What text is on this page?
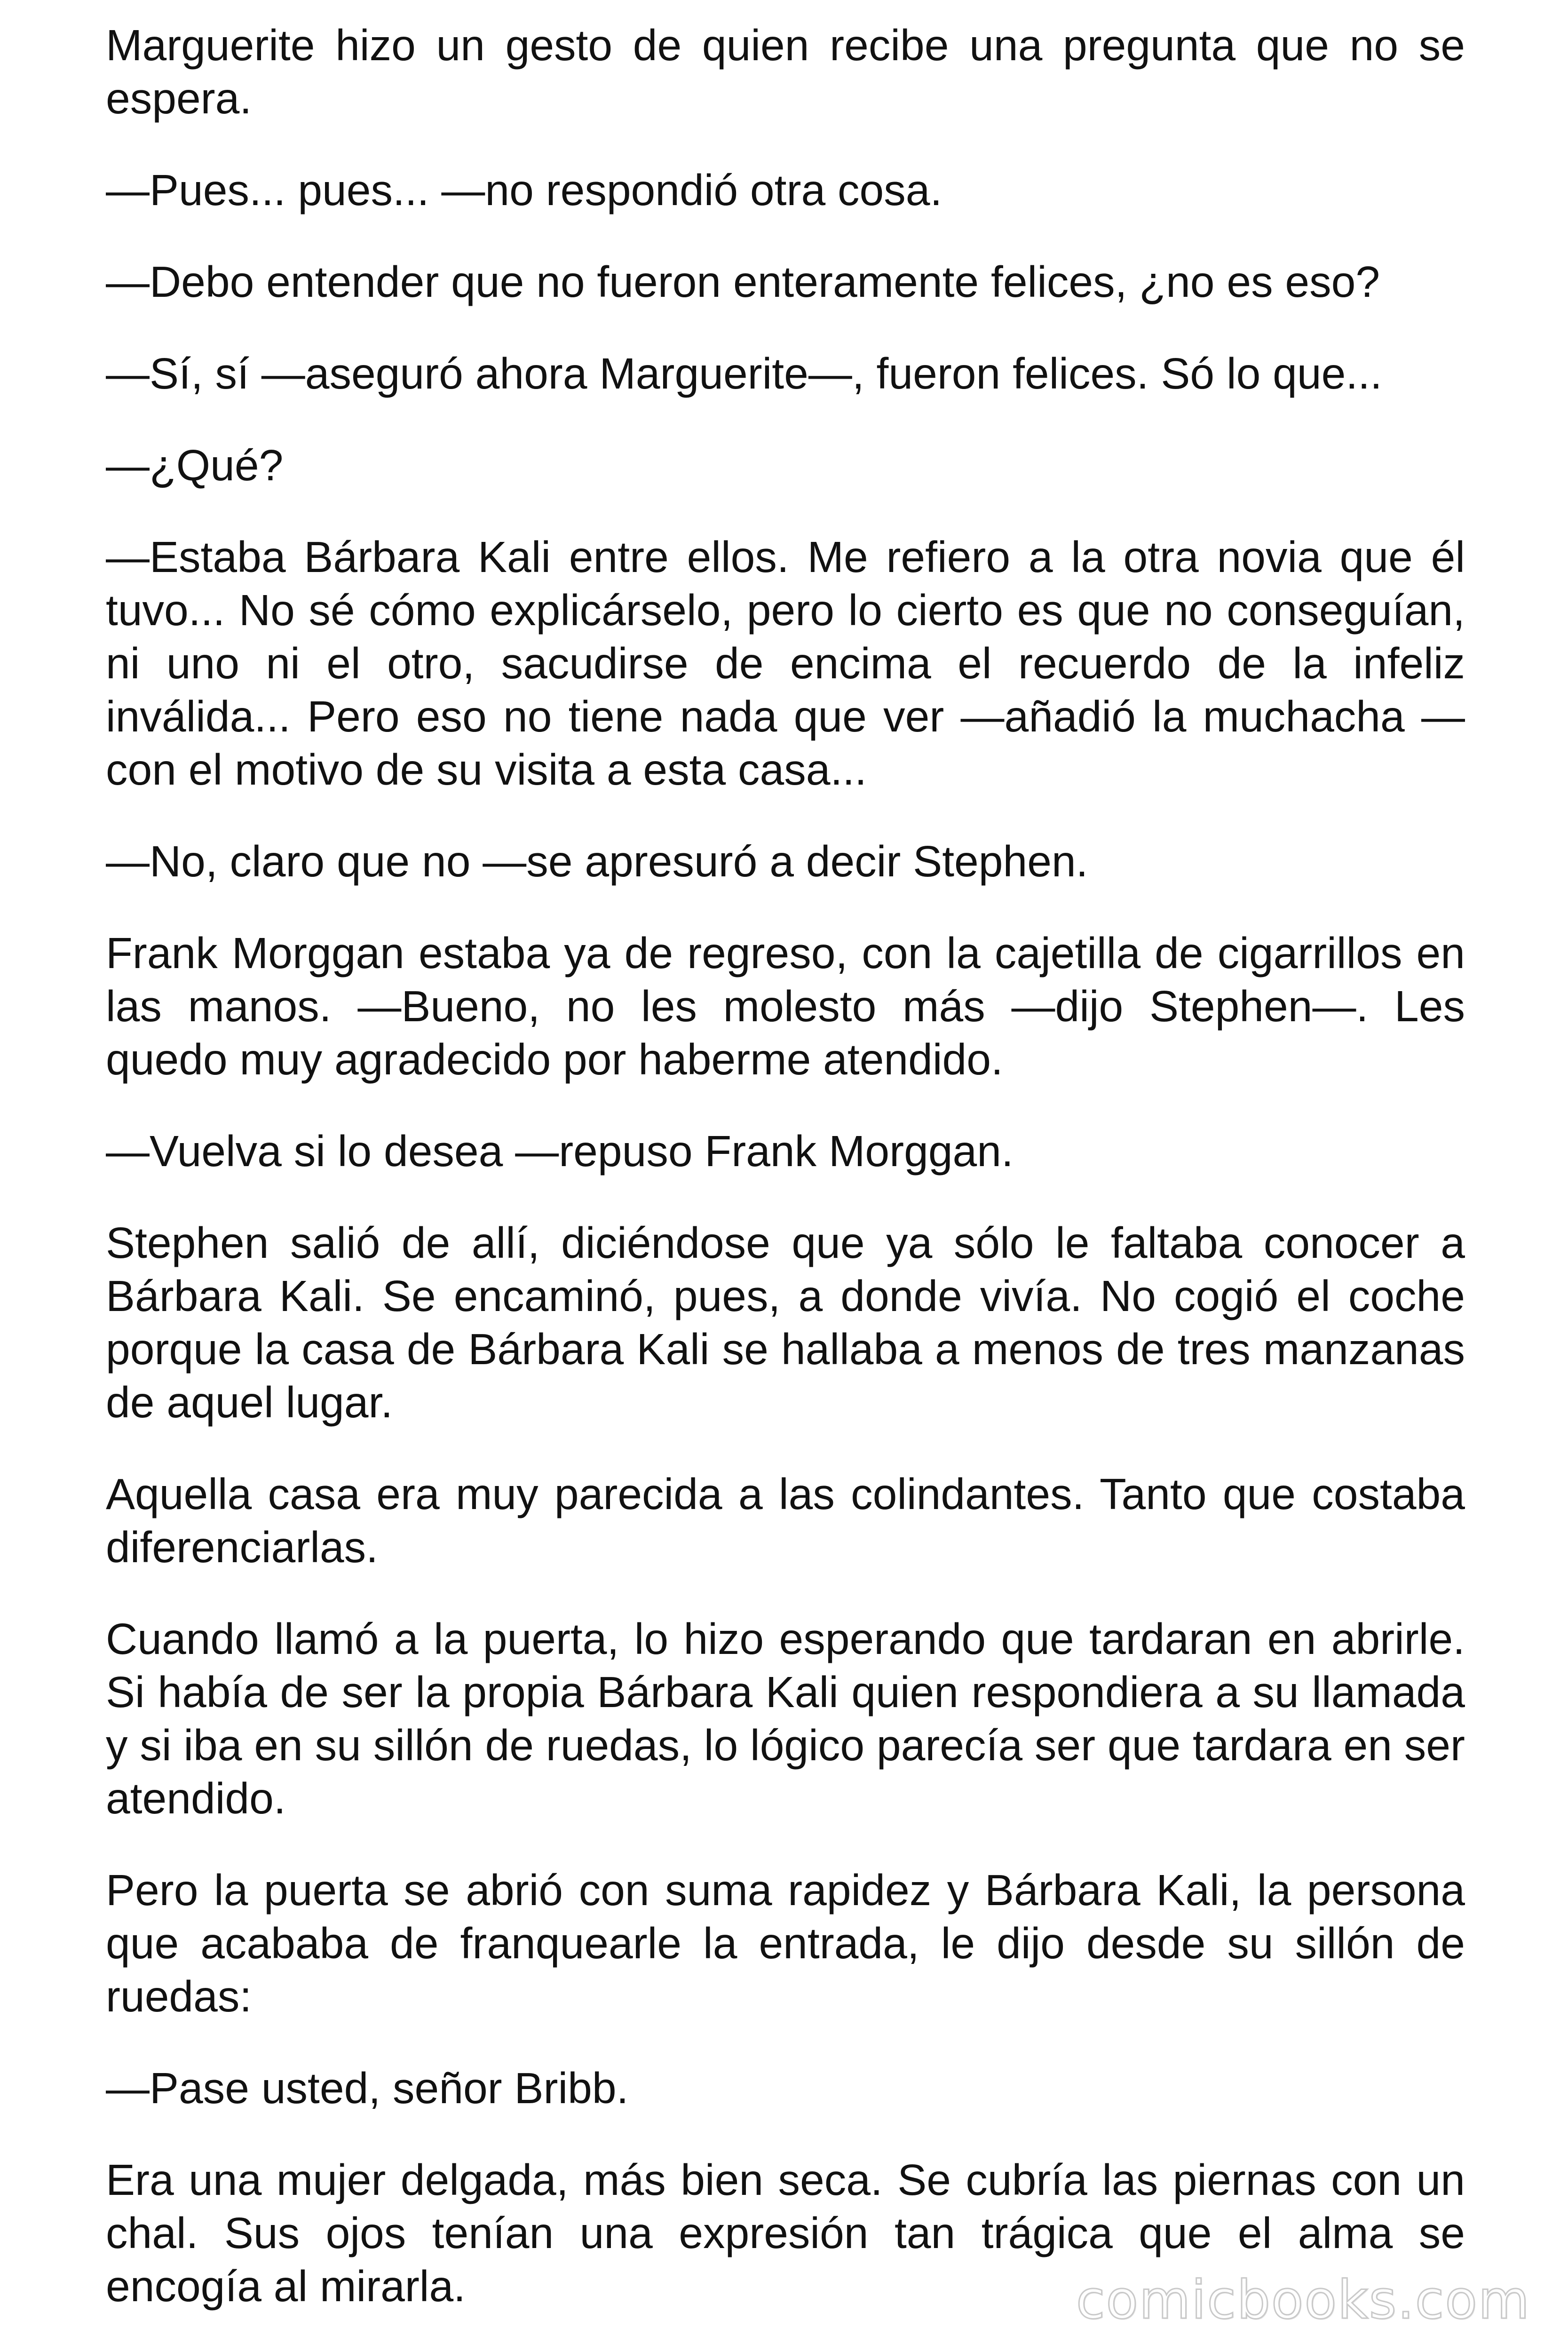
Marguerite hizo un gesto de quien recibe una pregunta que no se espera.

—Pues... pues... —no respondió otra cosa.

—Debo entender que no fueron enteramente felices, ¿no es eso?

—Sí, sí —aseguró ahora Marguerite—, fueron felices. Só lo que...

—¿Qué?

—Estaba Bárbara Kali entre ellos. Me refiero a la otra novia que él tuvo... No sé cómo explicárselo, pero lo cierto es que no conseguían, ni uno ni el otro, sacudirse de encima el recuerdo de la infeliz inválida... Pero eso no tiene nada que ver —añadió la muchacha — con el motivo de su visita a esta casa...

—No, claro que no —se apresuró a decir Stephen.

Frank Morggan estaba ya de regreso, con la cajetilla de cigarrillos en las manos. —Bueno, no les molesto más —dijo Stephen—. Les quedo muy agradecido por haberme atendido.

—Vuelva si lo desea —repuso Frank Morggan.

Stephen salió de allí, diciéndose que ya sólo le faltaba conocer a Bárbara Kali. Se encaminó, pues, a donde vivía. No cogió el coche porque la casa de Bárbara Kali se hallaba a menos de tres manzanas de aquel lugar.

Aquella casa era muy parecida a las colindantes. Tanto que costaba diferenciarlas.

Cuando llamó a la puerta, lo hizo esperando que tardaran en abrirle. Si había de ser la propia Bárbara Kali quien respondiera a su llamada y si iba en su sillón de ruedas, lo lógico parecía ser que tardara en ser atendido.

Pero la puerta se abrió con suma rapidez y Bárbara Kali, la persona que acababa de franquearle la entrada, le dijo desde su sillón de ruedas:

—Pase usted, señor Bribb.

Era una mujer delgada, más bien seca. Se cubría las piernas con un chal. Sus ojos tenían una expresión tan trágica que el alma se encogía al mirarla.	comicbooks.com
